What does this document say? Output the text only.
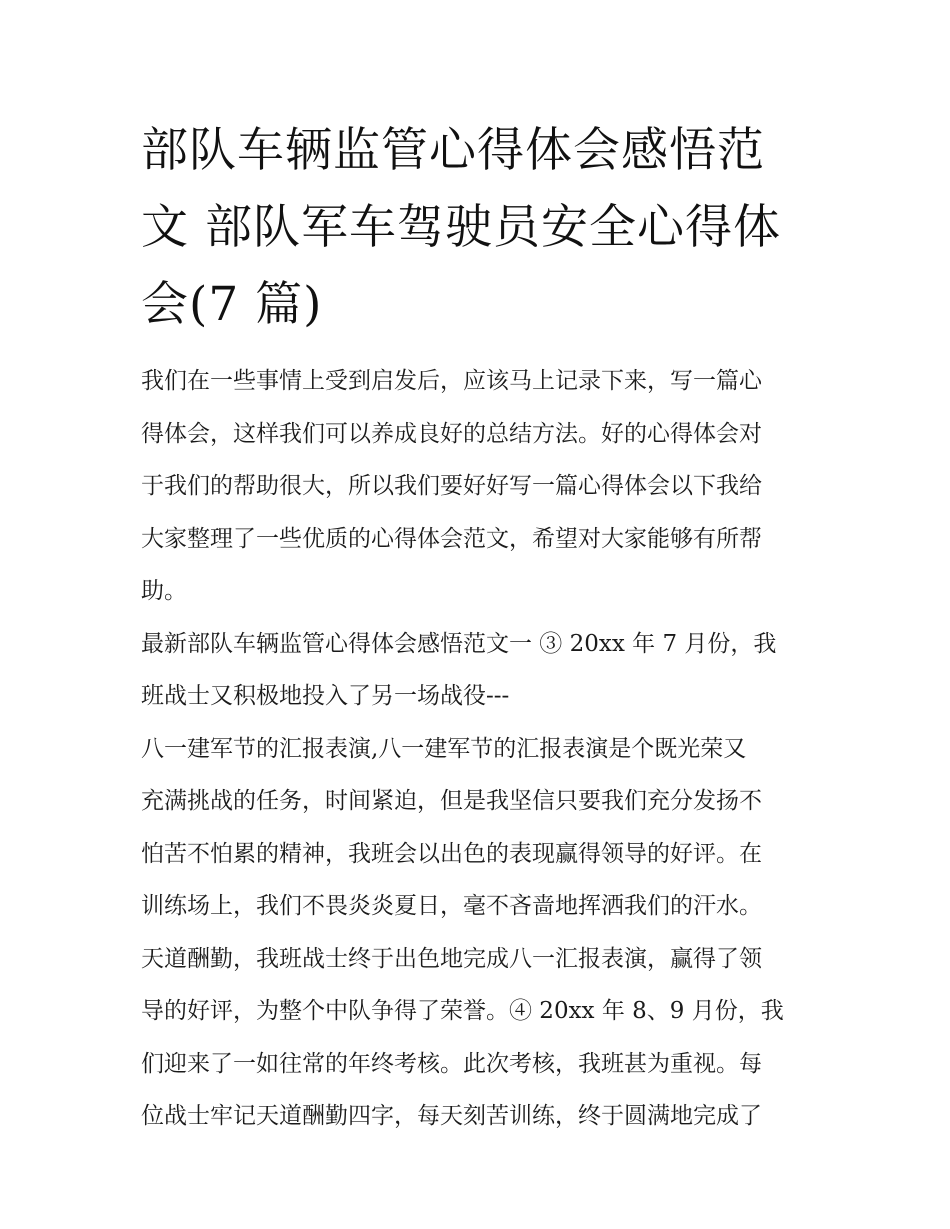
部队车辆监管心得体会感悟范
文 部队军车驾驶员安全心得体
会(7 篇)
我们在一些事情上受到启发后，应该马上记录下来，写一篇心
得体会，这样我们可以养成良好的总结方法。好的心得体会对
于我们的帮助很大，所以我们要好好写一篇心得体会以下我给
大家整理了一些优质的心得体会范文，希望对大家能够有所帮
助。
最新部队车辆监管心得体会感悟范文一 ③ 20xx 年 7 月份，我
班战士又积极地投入了另一场战役---
八一建军节的汇报表演,八一建军节的汇报表演是个既光荣又
充满挑战的任务，时间紧迫，但是我坚信只要我们充分发扬不
怕苦不怕累的精神，我班会以出色的表现赢得领导的好评。在
训练场上，我们不畏炎炎夏日，毫不吝啬地挥洒我们的汗水。
天道酬勤，我班战士终于出色地完成八一汇报表演，赢得了领
导的好评，为整个中队争得了荣誉。④ 20xx 年 8、9 月份，我
们迎来了一如往常的年终考核。此次考核，我班甚为重视。每
位战士牢记天道酬勤四字，每天刻苦训练，终于圆满地完成了
